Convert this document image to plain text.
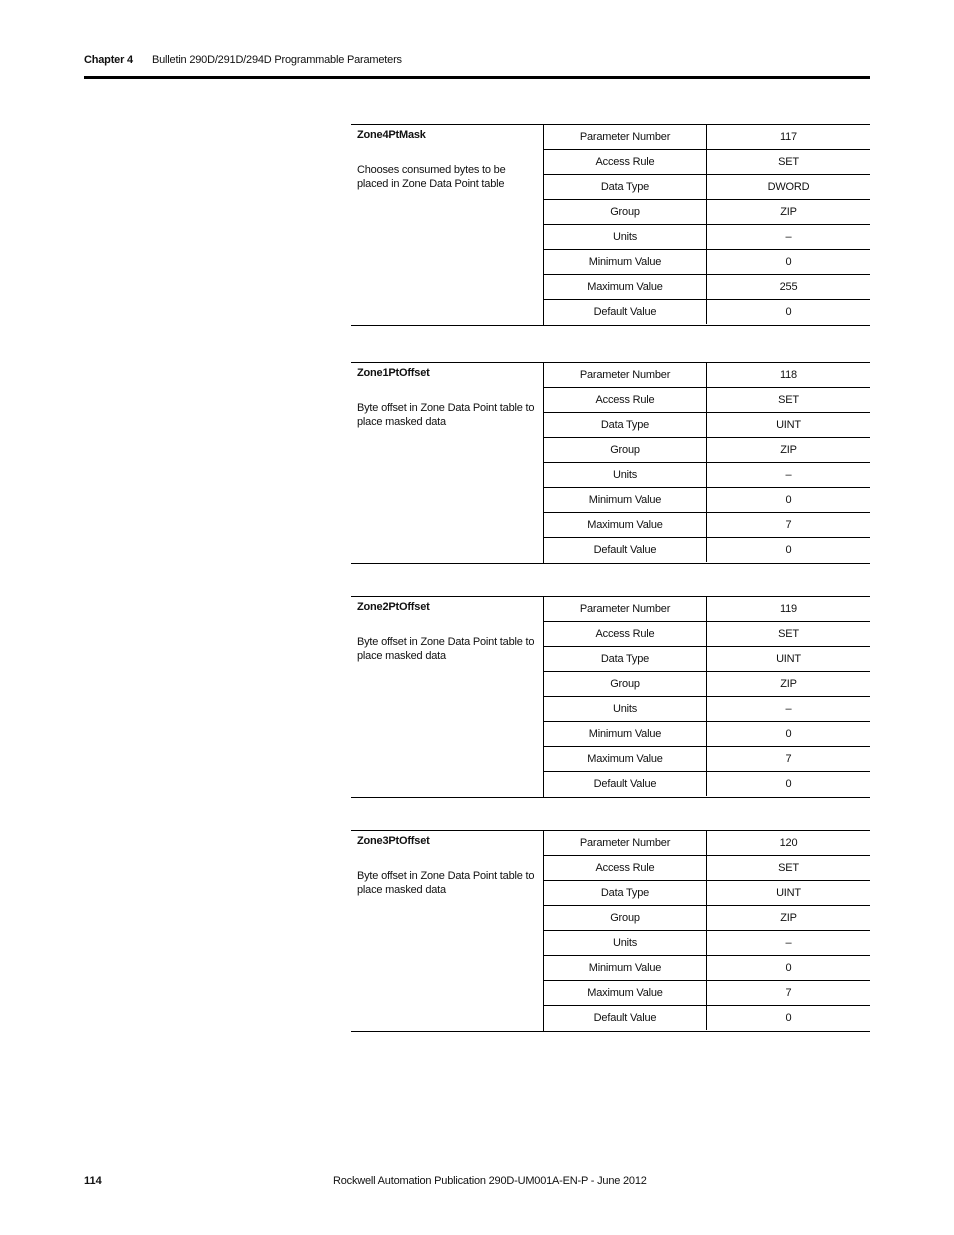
Chapter 4 Bulletin 290D/291D/294D Programmable Parameters
Zone4PtMask
Chooses consumed bytes to be placed in Zone Data Point table
Parameter Number	117
Access Rule	SET
Data Type	DWORD
Group	ZIP
Units	–
Minimum Value	0
Maximum Value	255
Default Value	0
Zone1PtOffset
Byte offset in Zone Data Point table to place masked data
Parameter Number	118
Access Rule	SET
Data Type	UINT
Group	ZIP
Units	–
Minimum Value	0
Maximum Value	7
Default Value	0
Zone2PtOffset
Byte offset in Zone Data Point table to place masked data
Parameter Number	119
Access Rule	SET
Data Type	UINT
Group	ZIP
Units	–
Minimum Value	0
Maximum Value	7
Default Value	0
Zone3PtOffset
Byte offset in Zone Data Point table to place masked data
Parameter Number	120
Access Rule	SET
Data Type	UINT
Group	ZIP
Units	–
Minimum Value	0
Maximum Value	7
Default Value	0
114	Rockwell Automation Publication 290D-UM001A-EN-P - June 2012
